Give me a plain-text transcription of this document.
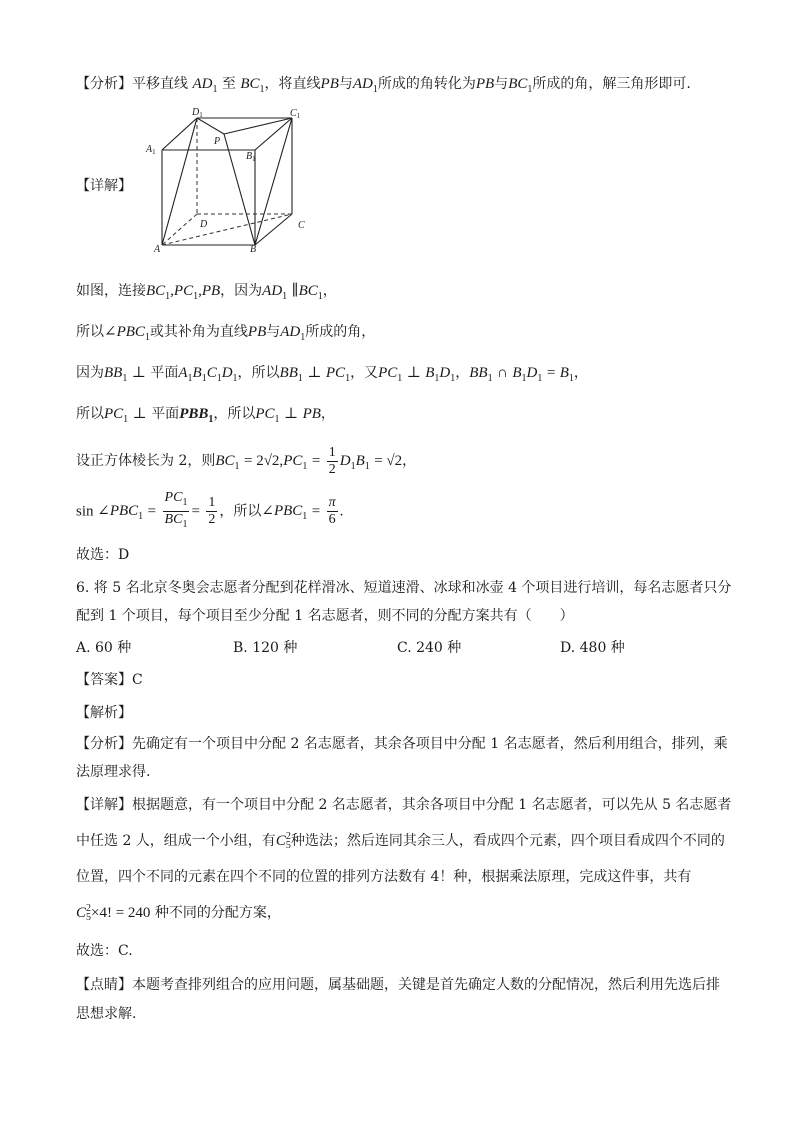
【分析】平移直线 $AD_1$ 至 $BC_1$，将直线PB与$AD_1$所成的角转化为PB与$BC_1$所成的角，解三角形即可.
【详解】
$D_1$	$C_1$
$A_1$
P
$B_1$
D	C
A	B
如图，连接$BC_1,PC_1,PB$，因为$AD_1$ $\parallel BC_1$，
所以$\angle PBC_1$或其补角为直线PB与$AD_1$所成的角，
因为$BB_1$ ⊥ 平面$A_1B_1C_1D_1$，所以$BB_1$ ⊥ $PC_1$，又$PC_1$ ⊥ $B_1D_1$，$BB_1$ ∩ $B_1D_1 = B_1$，
所以$PC_1$ ⊥ 平面$PBB_1$，所以$PC_1$ ⊥ PB，
设正方体棱长为 2，则$BC_1 = 2√2,PC_1 = \frac{1}{2} D_1B_1 = √2$，
$\sin \angle PBC_1 = \frac{PC_1}{BC_1} = \frac{1}{2}$ ，所以$\angle PBC_1 = \frac{\pi}{6}$ .
故选：D
6. 将 5 名北京冬奥会志愿者分配到花样滑冰、短道速滑、冰球和冰壶 4 个项目进行培训，每名志愿者只分
配到 1 个项目，每个项目至少分配 1 名志愿者，则不同的分配方案共有（　　）
A. 60 种	B. 120 种	C. 240 种	D. 480 种
【答案】C
【解析】
【分析】先确定有一个项目中分配 2 名志愿者，其余各项目中分配 1 名志愿者，然后利用组合，排列，乘
法原理求得.
【详解】根据题意，有一个项目中分配 2 名志愿者，其余各项目中分配 1 名志愿者，可以先从 5 名志愿者
中任选 2 人，组成一个小组，有C2
5种选法；然后连同其余三人，看成四个元素，四个项目看成四个不同的
位置，四个不同的元素在四个不同的位置的排列方法数有 4！种，根据乘法原理，完成这件事，共有
C2
5×4! = 240 种不同的分配方案，
故选：C.
【点睛】本题考查排列组合的应用问题，属基础题，关键是首先确定人数的分配情况，然后利用先选后排
思想求解.
